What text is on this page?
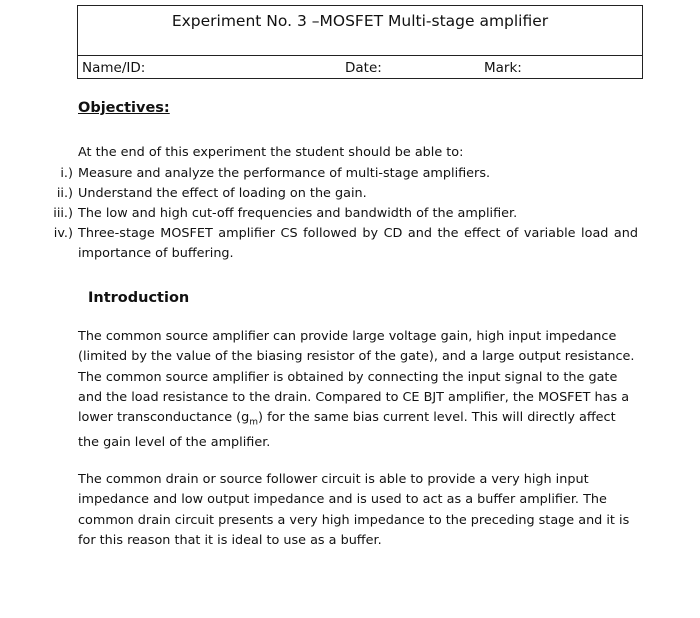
Experiment No. 3 –MOSFET Multi-stage amplifier
Name/ID:	Date:	Mark:
Objectives:
At the end of this experiment the student should be able to:
i.) Measure and analyze the performance of multi-stage amplifiers.
ii.) Understand the effect of loading on the gain.
iii.) The low and high cut-off frequencies and bandwidth of the amplifier.
iv.) Three-stage MOSFET amplifier CS followed by CD and the effect of variable load and importance of buffering.
Introduction

The common source amplifier can provide large voltage gain, high input impedance (limited by the value of the biasing resistor of the gate), and a large output resistance. The common source amplifier is obtained by connecting the input signal to the gate and the load resistance to the drain. Compared to CE BJT amplifier, the MOSFET has a lower transconductance $(g_m)$ for the same bias current level. This will directly affect the gain level of the amplifier.

The common drain or source follower circuit is able to provide a very high input impedance and low output impedance and is used to act as a buffer amplifier. The common drain circuit presents a very high impedance to the preceding stage and it is for this reason that it is ideal to use as a buffer.
